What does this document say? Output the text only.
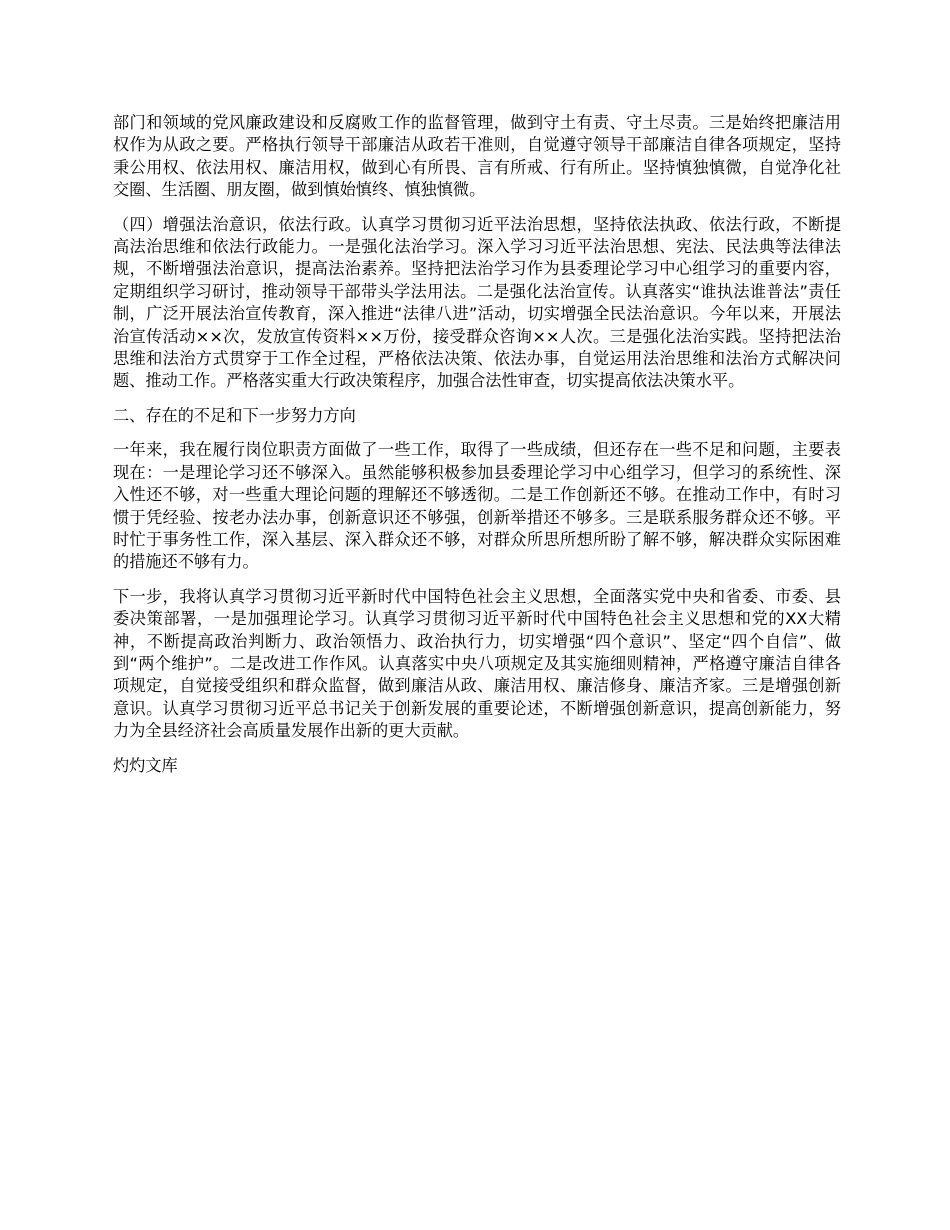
部门和领域的党风廉政建设和反腐败工作的监督管理，做到守土有责、守土尽责。三是始终把廉洁用权作为从政之要。严格执行领导干部廉洁从政若干准则，自觉遵守领导干部廉洁自律各项规定，坚持秉公用权、依法用权、廉洁用权，做到心有所畏、言有所戒、行有所止。坚持慎独慎微，自觉净化社交圈、生活圈、朋友圈，做到慎始慎终、慎独慎微。

（四）增强法治意识，依法行政。认真学习贯彻习近平法治思想，坚持依法执政、依法行政，不断提高法治思维和依法行政能力。一是强化法治学习。深入学习习近平法治思想、宪法、民法典等法律法规，不断增强法治意识，提高法治素养。坚持把法治学习作为县委理论学习中心组学习的重要内容，定期组织学习研讨，推动领导干部带头学法用法。二是强化法治宣传。认真落实“谁执法谁普法”责任制，广泛开展法治宣传教育，深入推进“法律八进”活动，切实增强全民法治意识。今年以来，开展法治宣传活动××次，发放宣传资料××万份，接受群众咨询××人次。三是强化法治实践。坚持把法治思维和法治方式贯穿于工作全过程，严格依法决策、依法办事，自觉运用法治思维和法治方式解决问题、推动工作。严格落实重大行政决策程序，加强合法性审查，切实提高依法决策水平。

二、存在的不足和下一步努力方向

一年来，我在履行岗位职责方面做了一些工作，取得了一些成绩，但还存在一些不足和问题，主要表现在：一是理论学习还不够深入。虽然能够积极参加县委理论学习中心组学习，但学习的系统性、深入性还不够，对一些重大理论问题的理解还不够透彻。二是工作创新还不够。在推动工作中，有时习惯于凭经验、按老办法办事，创新意识还不够强，创新举措还不够多。三是联系服务群众还不够。平时忙于事务性工作，深入基层、深入群众还不够，对群众所思所想所盼了解不够，解决群众实际困难的措施还不够有力。

下一步，我将认真学习贯彻习近平新时代中国特色社会主义思想，全面落实党中央和省委、市委、县委决策部署，一是加强理论学习。认真学习贯彻习近平新时代中国特色社会主义思想和党的XX大精神，不断提高政治判断力、政治领悟力、政治执行力，切实增强“四个意识”、坚定“四个自信”、做到“两个维护”。二是改进工作作风。认真落实中央八项规定及其实施细则精神，严格遵守廉洁自律各项规定，自觉接受组织和群众监督，做到廉洁从政、廉洁用权、廉洁修身、廉洁齐家。三是增强创新意识。认真学习贯彻习近平总书记关于创新发展的重要论述，不断增强创新意识，提高创新能力，努力为全县经济社会高质量发展作出新的更大贡献。

灼灼文库
